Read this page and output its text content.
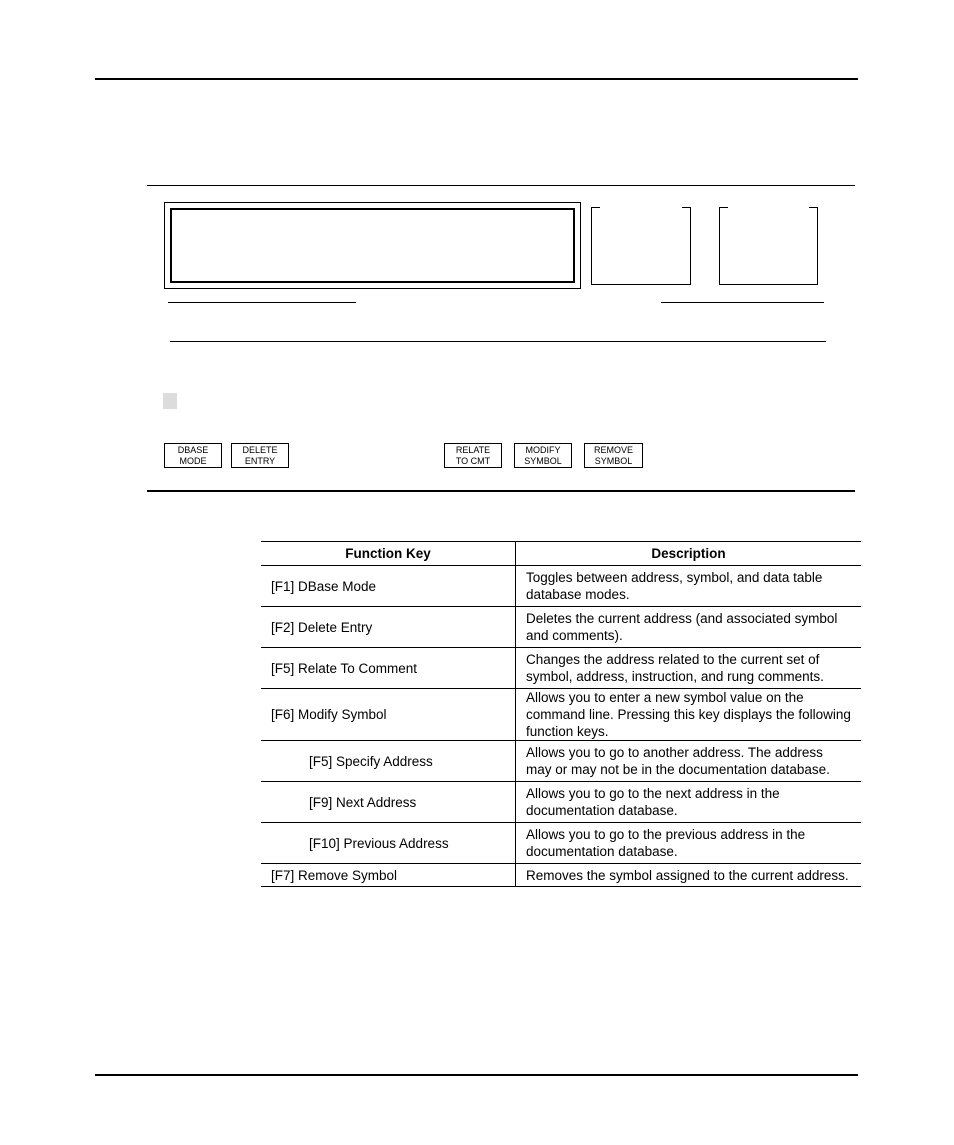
DBASE
MODE
DELETE
ENTRY
RELATE
TO CMT
MODIFY
SYMBOL
REMOVE
SYMBOL
Function Key	Description
[F1] DBase Mode	Toggles between address, symbol, and data table database modes.
[F2] Delete Entry	Deletes the current address (and associated symbol and comments).
[F5] Relate To Comment	Changes the address related to the current set of symbol, address, instruction, and rung comments.
[F6] Modify Symbol	Allows you to enter a new symbol value on the command line. Pressing this key displays the following function keys.
[F5] Specify Address	Allows you to go to another address. The address may or may not be in the documentation database.
[F9] Next Address	Allows you to go to the next address in the documentation database.
[F10] Previous Address	Allows you to go to the previous address in the documentation database.
[F7] Remove Symbol	Removes the symbol assigned to the current address.
